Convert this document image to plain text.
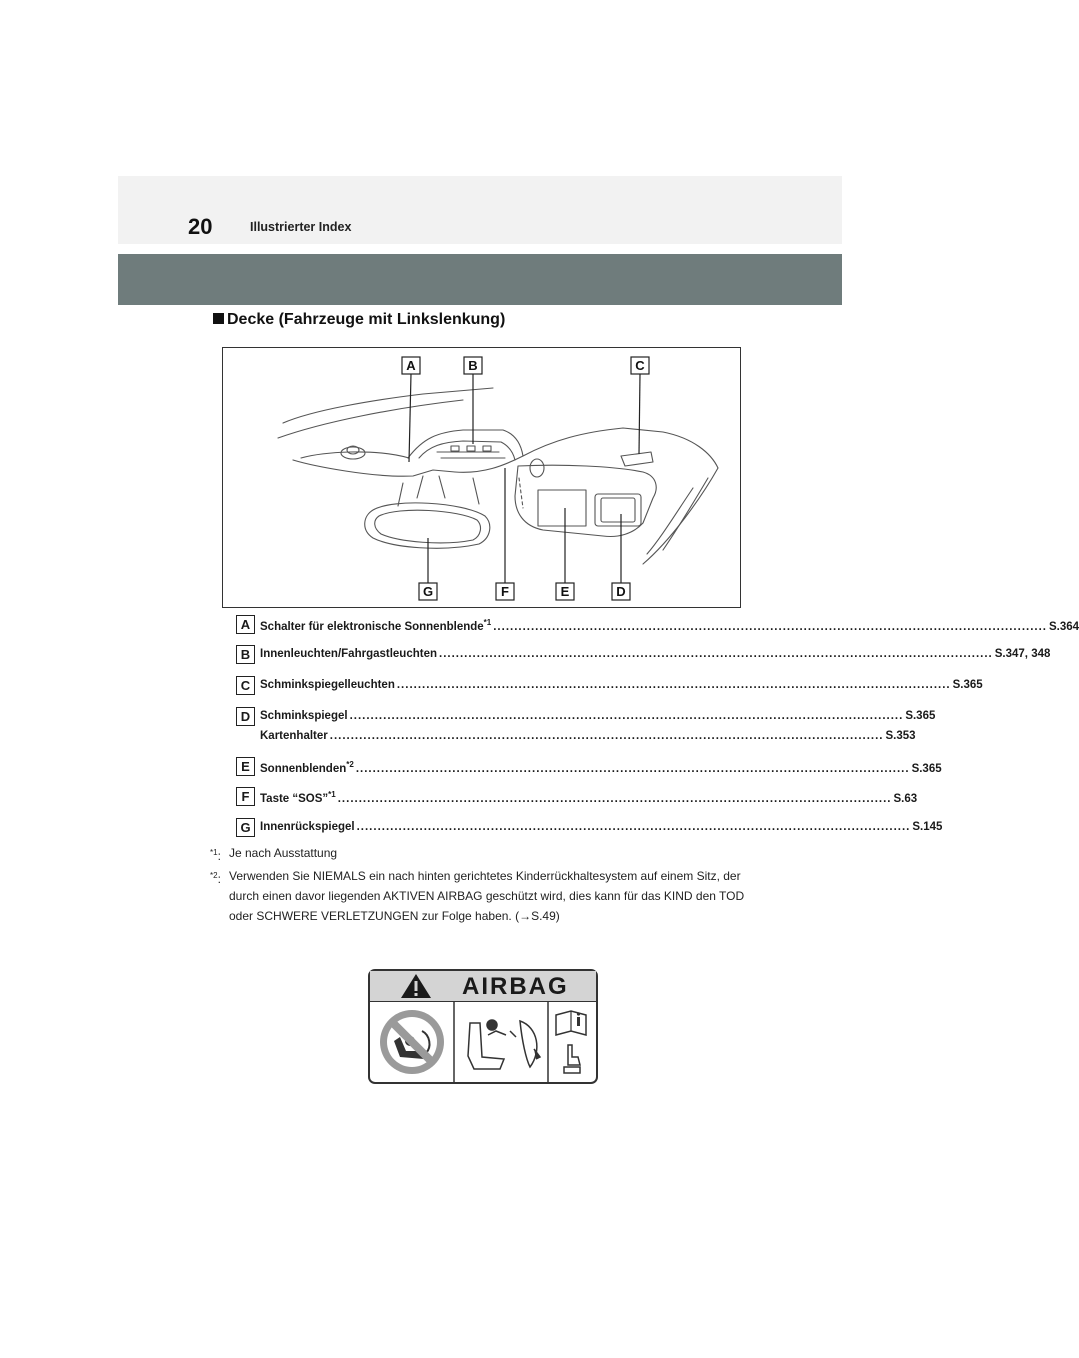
20	Illustrierter Index
Decke (Fahrzeuge mit Linkslenkung)
A	B	C
G	F	E	D
A Schalter für elektronische Sonnenblende$^{*1}$ .................................................................................................................................... S.364
B Innenleuchten/Fahrgastleuchten .................................................................................................................................... S.347, 348
C Schminkspiegelleuchten .................................................................................................................................... S.365
D Schminkspiegel .................................................................................................................................... S.365
Kartenhalter .................................................................................................................................... S.353
E Sonnenblenden$^{*2}$ .................................................................................................................................... S.365
F Taste “SOS”$^{*1}$ .................................................................................................................................... S.63
G Innenrückspiegel .................................................................................................................................... S.145
$^{*1}$: Je nach Ausstattung
$^{*2}$: Verwenden Sie NIEMALS ein nach hinten gerichtetes Kinderrückhaltesystem auf einem Sitz, der durch einen davor liegenden AKTIVEN AIRBAG geschützt wird, dies kann für das KIND den TOD oder SCHWERE VERLETZUNGEN zur Folge haben. (→S.49)
AIRBAG
